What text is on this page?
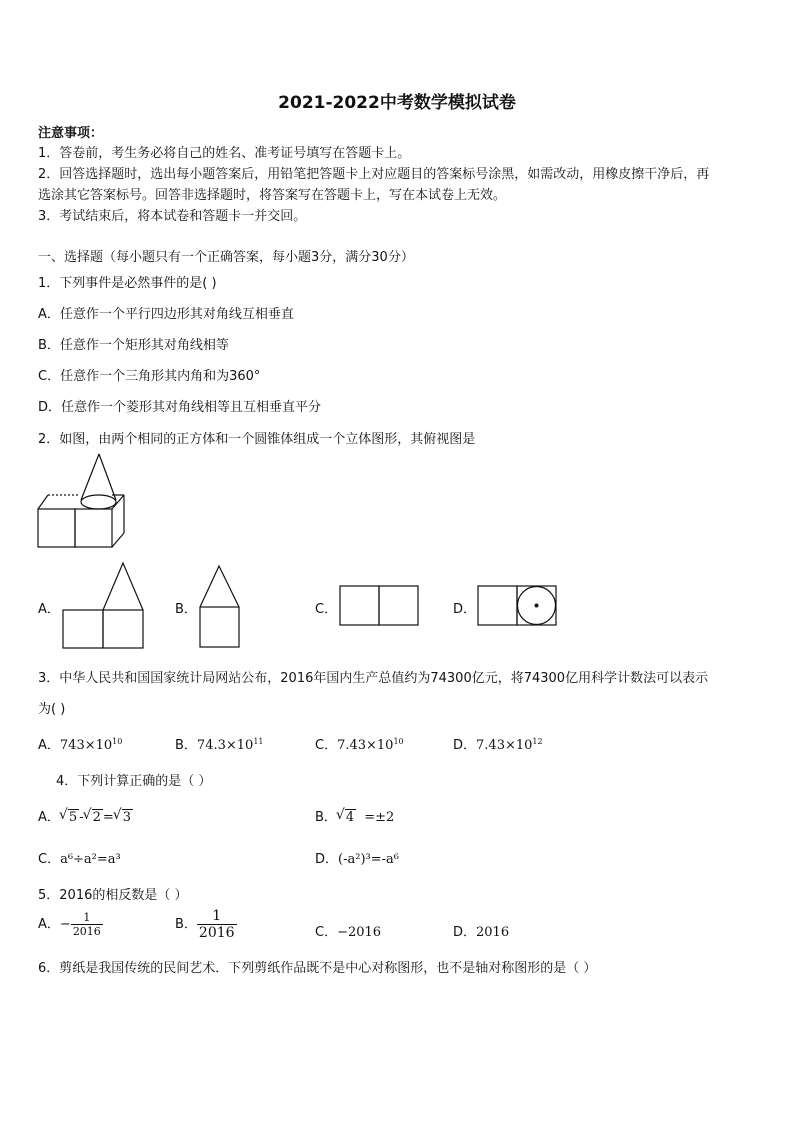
2021-2022中考数学模拟试卷
注意事项：
1．答卷前，考生务必将自己的姓名、准考证号填写在答题卡上。
2．回答选择题时，选出每小题答案后，用铅笔把答题卡上对应题目的答案标号涂黑，如需改动，用橡皮擦干净后，再
选涂其它答案标号。回答非选择题时，将答案写在答题卡上，写在本试卷上无效。
3．考试结束后，将本试卷和答题卡一并交回。
一、选择题（每小题只有一个正确答案，每小题3分，满分30分）
1．下列事件是必然事件的是( )
A．任意作一个平行四边形其对角线互相垂直
B．任意作一个矩形其对角线相等
C．任意作一个三角形其内角和为360°
D．任意作一个菱形其对角线相等且互相垂直平分
2．如图，由两个相同的正方体和一个圆锥体组成一个立体图形，其俯视图是
A．	B．	C．	D．
3．中华人民共和国国家统计局网站公布，2016年国内生产总值约为74300亿元，将74300亿用科学计数法可以表示
为( )
A．$743\times 10^{10}$	B．$74.3\times 10^{11}$	C．$7.43\times 10^{10}$	D．$7.43\times 10^{12}$
4．下列计算正确的是（ ）
A． √ 5 - √ 2 = √ 3	B． √ 4 =±2
C．a⁶÷a²=a³	D．(-a²)³=-a⁶
5．2016的相反数是（ ）
A．− $\frac{1}{2016}$	B． $\frac{1}{2016}$	C．−2016	D．2016
6．剪纸是我国传统的民间艺术．下列剪纸作品既不是中心对称图形，也不是轴对称图形的是（ ）
